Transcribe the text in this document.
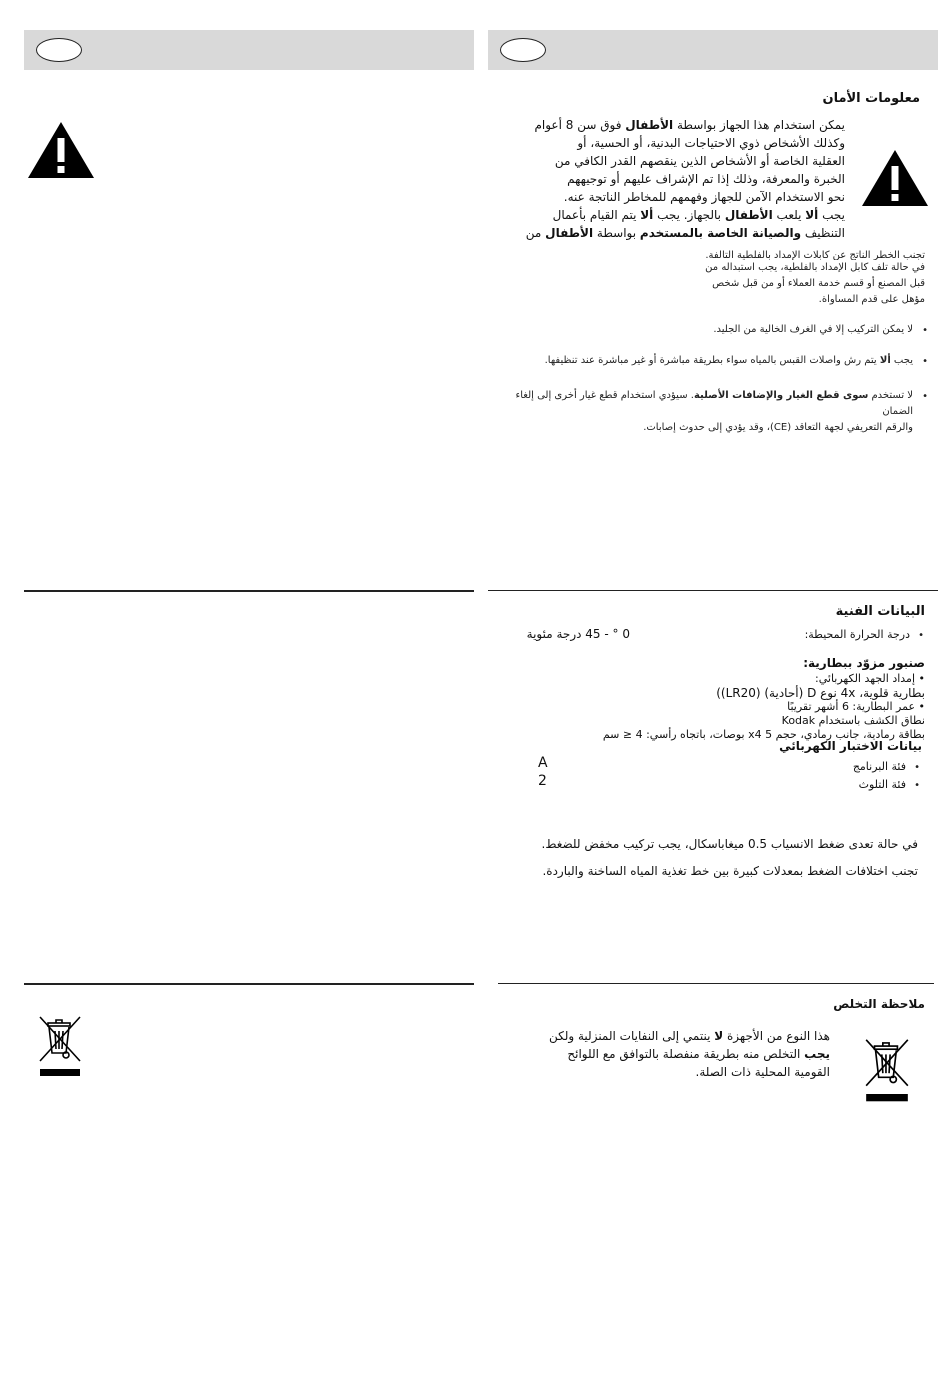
معلومات الأمان
يمكن استخدام هذا الجهاز بواسطة الأطفال فوق سن 8 أعوام
وكذلك الأشخاص ذوي الاحتياجات البدنية، أو الحسية، أو
العقلية الخاصة أو الأشخاص الذين ينقصهم القدر الكافي من
الخبرة والمعرفة، وذلك إذا تم الإشراف عليهم أو توجيههم
نحو الاستخدام الآمن للجهاز وفهمهم للمخاطر الناتجة عنه.
يجب ألا يلعب الأطفال بالجهاز. يجب ألا يتم القيام بأعمال
التنظيف والصيانة الخاصة بالمستخدم بواسطة الأطفال من
تجنب الخطر الناتج عن كابلات الإمداد بالفلطية التالفة.
في حالة تلف كابل الإمداد بالفلطية، يجب استبداله من
قبل المصنع أو قسم خدمة العملاء أو من قبل شخص
مؤهل على قدم المساواة.
•
لا يمكن التركيب إلا في الغرف الخالية من الجليد.
•
يجب ألا يتم رش واصلات القبس بالمياه سواء بطريقة مباشرة أو غير مباشرة عند تنظيفها.
•
لا تستخدم سوى قطع الغيار والإضافات الأصلية. سيؤدي استخدام قطع غيار أخرى إلى إلغاء الضمان
والرقم التعريفي لجهة التعاقد (CE)، وقد يؤدي إلى حدوث إصابات.
البيانات الفنية
•
درجة الحرارة المحيطة:
0 ° - 45 درجة مئوية
صنبور مزوّد ببطارية:
• إمداد الجهد الكهربائي:
بطارية قلوية، 4x نوع D (أحادية) (LR20))
• عمر البطارية: 6 أشهر تقريبًا
نطاق الكشف باستخدام Kodak
بطاقة رمادية، جانب رمادي، حجم 5 x4 بوصات، باتجاه رأسي: 4 ≤ سم
بيانات الاختبار الكهربائي
•
فئة البرنامج
A
•
فئة التلوث
2
في حالة تعدى ضغط الانسياب 0.5 ميغاباسكال، يجب تركيب مخفض للضغط.
تجنب اختلافات الضغط بمعدلات كبيرة بين خط تغذية المياه الساخنة والباردة.
ملاحظة التخلص
هذا النوع من الأجهزة لا ينتمي إلى النفايات المنزلية ولكن
يجب التخلص منه بطريقة منفصلة بالتوافق مع اللوائح
القومية المحلية ذات الصلة.
